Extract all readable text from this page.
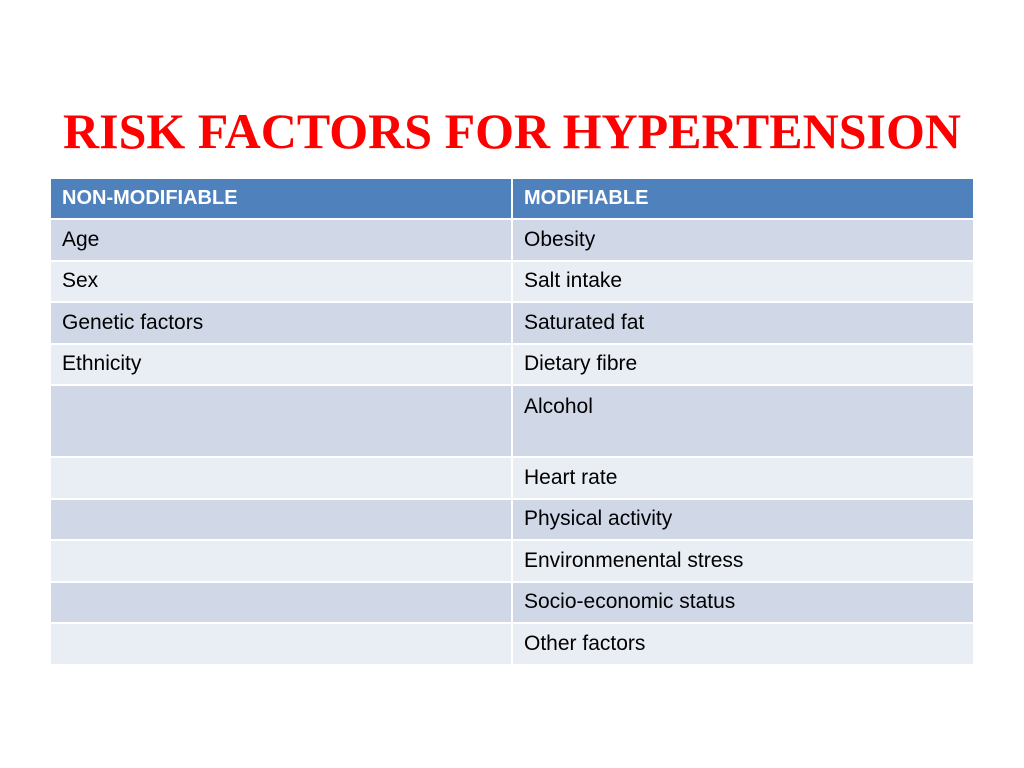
RISK FACTORS FOR HYPERTENSION
NON-MODIFIABLE	MODIFIABLE
Age	Obesity
Sex	Salt intake
Genetic factors	Saturated fat
Ethnicity	Dietary fibre
	Alcohol
	Heart rate
	Physical activity
	Environmenental stress
	Socio-economic status
	Other factors
